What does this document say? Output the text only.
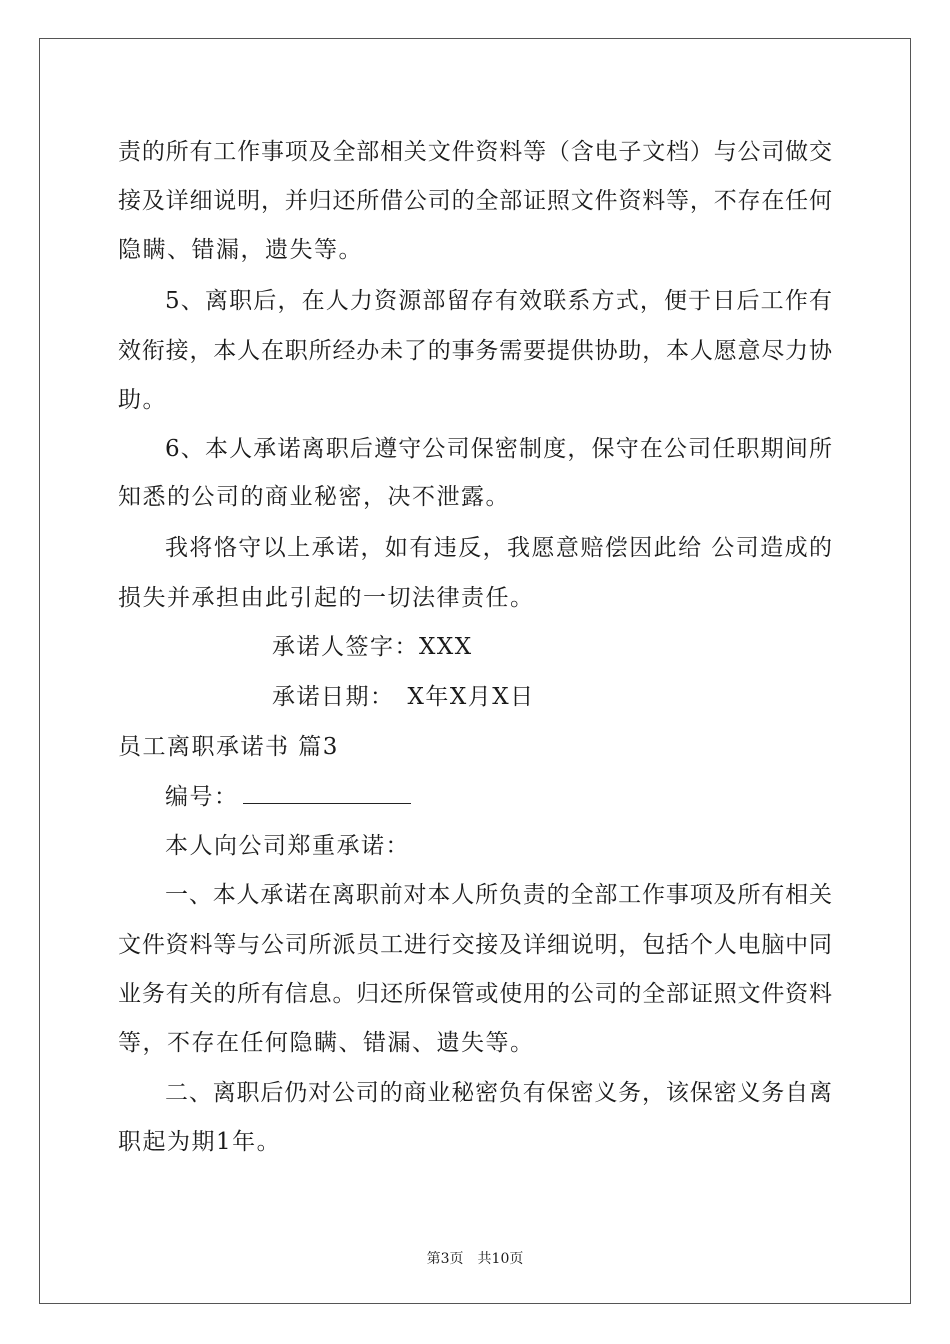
责的所有工作事项及全部相关文件资料等（含电子文档）与公司做交
接及详细说明，并归还所借公司的全部证照文件资料等，不存在任何
隐瞒、错漏，遗失等。
5、离职后，在人力资源部留存有效联系方式，便于日后工作有
效衔接，本人在职所经办未了的事务需要提供协助，本人愿意尽力协
助。
6、本人承诺离职后遵守公司保密制度，保守在公司任职期间所
知悉的公司的商业秘密，决不泄露。
我将恪守以上承诺，如有违反，我愿意赔偿因此给 公司造成的
损失并承担由此引起的一切法律责任。
承诺人签字：XXX
承诺日期：　X年X月X日
员工离职承诺书 篇3
编号：
本人向公司郑重承诺：
一、本人承诺在离职前对本人所负责的全部工作事项及所有相关
文件资料等与公司所派员工进行交接及详细说明，包括个人电脑中同
业务有关的所有信息。归还所保管或使用的公司的全部证照文件资料
等，不存在任何隐瞒、错漏、遗失等。
二、离职后仍对公司的商业秘密负有保密义务，该保密义务自离
职起为期1年。
第3页　共10页
